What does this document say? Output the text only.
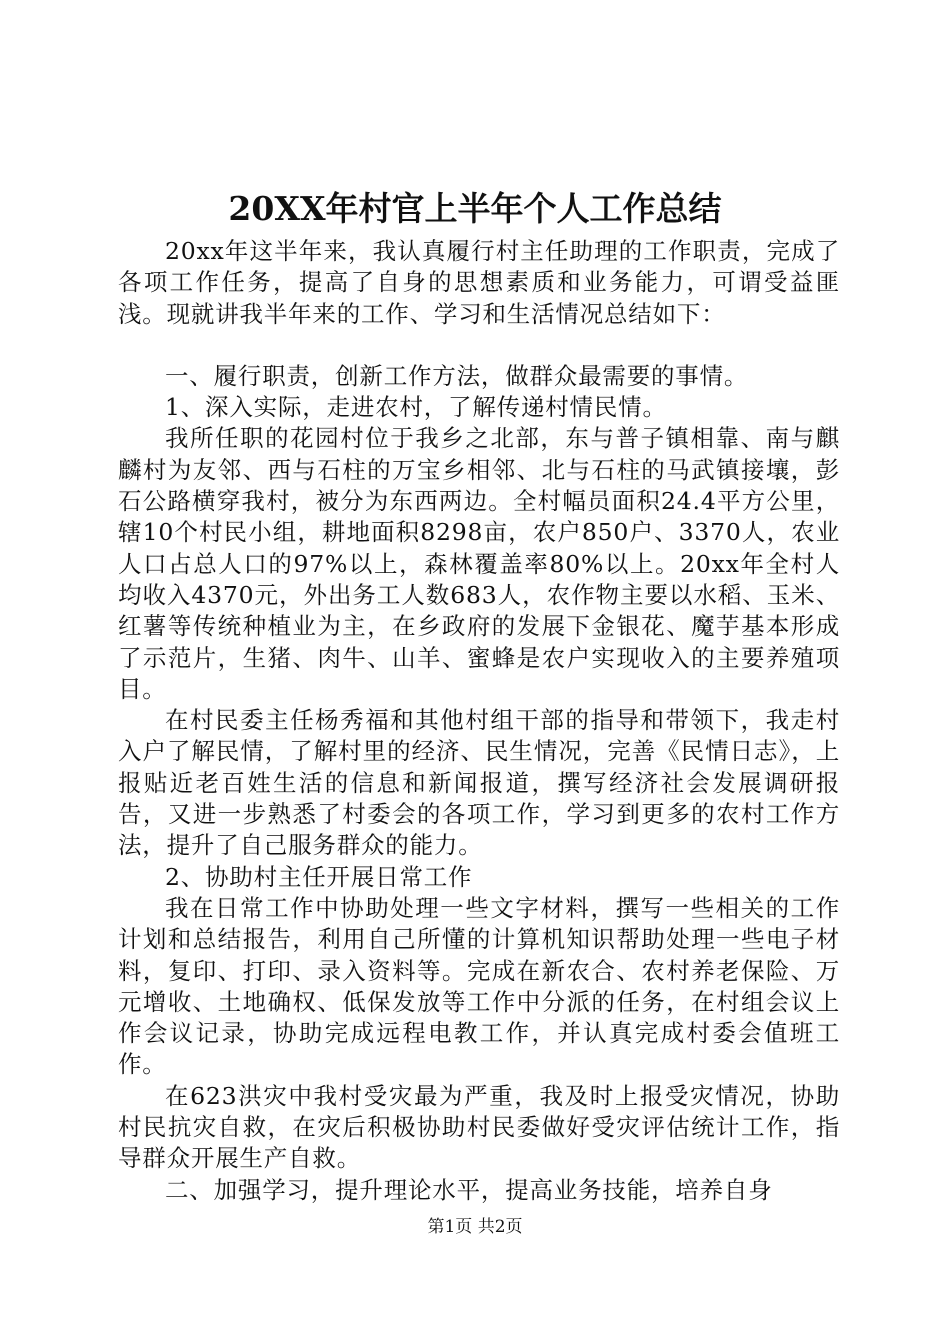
20XX年村官上半年个人工作总结

20xx年这半年来，我认真履行村主任助理的工作职责，完成了各项工作任务，提高了自身的思想素质和业务能力，可谓受益匪浅。现就讲我半年来的工作、学习和生活情况总结如下：

一、履行职责，创新工作方法，做群众最需要的事情。

1、深入实际，走进农村，了解传递村情民情。

我所任职的花园村位于我乡之北部，东与普子镇相靠、南与麒麟村为友邻、西与石柱的万宝乡相邻、北与石柱的马武镇接壤，彭石公路横穿我村，被分为东西两边。全村幅员面积24.4平方公里，辖10个村民小组，耕地面积8298亩，农户850户、3370人，农业人口占总人口的97%以上，森林覆盖率80%以上。20xx年全村人均收入4370元，外出务工人数683人，农作物主要以水稻、玉米、红薯等传统种植业为主，在乡政府的发展下金银花、魔芋基本形成了示范片，生猪、肉牛、山羊、蜜蜂是农户实现收入的主要养殖项目。

在村民委主任杨秀福和其他村组干部的指导和带领下，我走村入户了解民情，了解村里的经济、民生情况，完善《民情日志》，上报贴近老百姓生活的信息和新闻报道，撰写经济社会发展调研报告，又进一步熟悉了村委会的各项工作，学习到更多的农村工作方法，提升了自己服务群众的能力。

2、协助村主任开展日常工作

我在日常工作中协助处理一些文字材料，撰写一些相关的工作计划和总结报告，利用自己所懂的计算机知识帮助处理一些电子材料，复印、打印、录入资料等。完成在新农合、农村养老保险、万元增收、土地确权、低保发放等工作中分派的任务，在村组会议上作会议记录，协助完成远程电教工作，并认真完成村委会值班工作。

在623洪灾中我村受灾最为严重，我及时上报受灾情况，协助村民抗灾自救，在灾后积极协助村民委做好受灾评估统计工作，指导群众开展生产自救。

二、加强学习，提升理论水平，提高业务技能，培养自身

第1页 共2页
